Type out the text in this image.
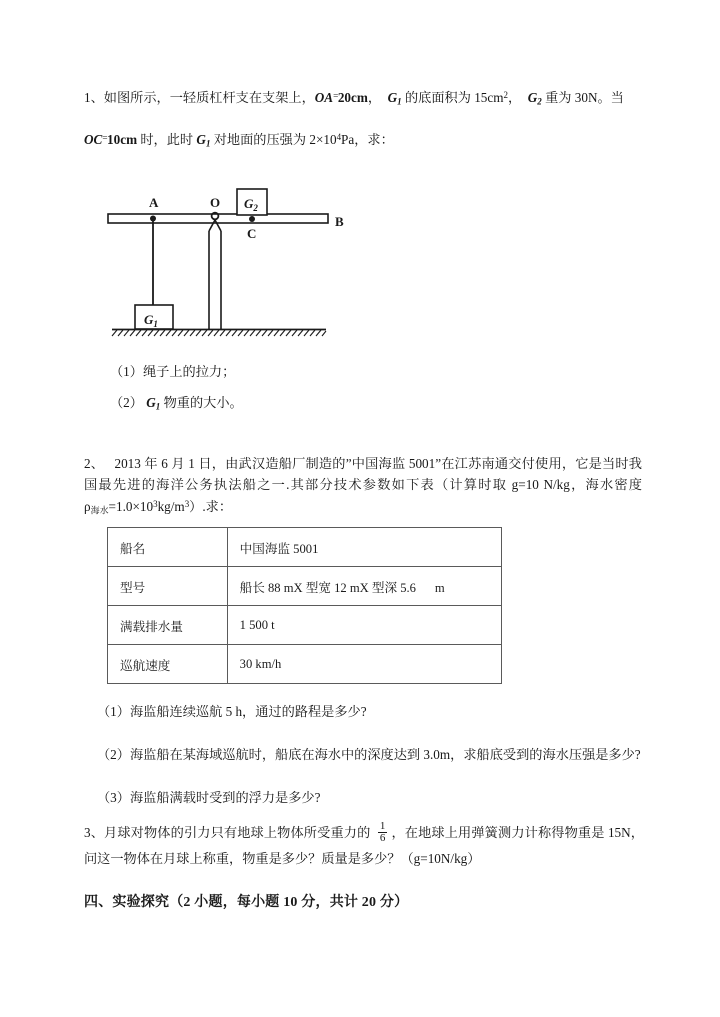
1、如图所示，一轻质杠杆支在支架上，OA=20cm， $G_1$ 的底面积为 $15cm^2$， $G_2$ 重为 30N。当
OC=10cm 时，此时 $G_1$ 对地面的压强为 $2\times 10^4Pa$，求：
A	O
B
C
$G_2$
$G_1$
（1）绳子上的拉力；
（2） $G_1$ 物重的大小。
2、　 2013 年 6 月 1 日，由武汉造船厂制造的”中国海监 5001”在江苏南通交付使用，它是当时我国最先进的海洋公务执法船之一.其部分技术参数如下表（计算时取 g=10 N/kg，海水密度 $\rho_{海水}=1.0\times 10^3kg/m^3$）.求：
船名	中国海监 5001
型号	船长 88 mX 型宽 12 mX 型深 5.6 　 m
满载排水量	1 500 t
巡航速度	30 km/h
（1）海监船连续巡航 5 h，通过的路程是多少?
（2）海监船在某海域巡航时，船底在海水中的深度达到 3.0m，求船底受到的海水压强是多少?
（3）海监船满载时受到的浮力是多少?
3、月球对物体的引力只有地球上物体所受重力的 $\frac{1}{6}$ ，在地球上用弹簧测力计称得物重是 15N，问这一物体在月球上称重，物重是多少？质量是多少？（g=10N/kg）
四、实验探究（2 小题，每小题 10 分，共计 20 分）
